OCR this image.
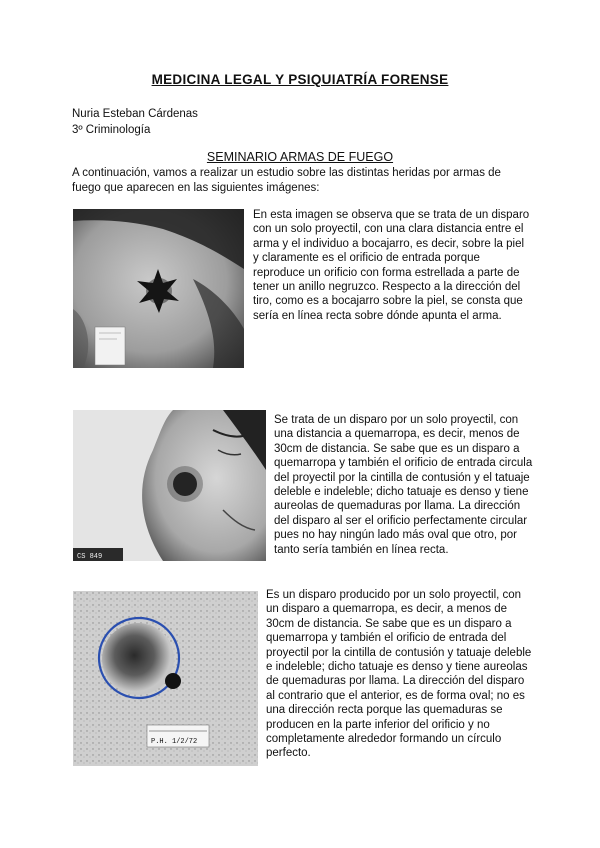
MEDICINA LEGAL Y PSIQUIATRÍA FORENSE
Nuria Esteban Cárdenas
3º Criminología
SEMINARIO ARMAS DE FUEGO
A continuación, vamos a realizar un estudio sobre las distintas heridas por armas de fuego que aparecen en las siguientes imágenes:
En esta imagen se observa que se trata de un disparo con un solo proyectil, con una clara distancia entre el arma y el individuo a bocajarro, es decir, sobre la piel y claramente es el orificio de entrada porque reproduce un orificio con forma estrellada a parte de tener un anillo negruzco. Respecto a la dirección del tiro, como es a bocajarro sobre la piel, se consta que sería en línea recta sobre dónde apunta el arma.
CS 849
Se trata de un disparo por un solo proyectil, con una distancia a quemarropa, es decir, menos de 30cm de distancia. Se sabe que es un disparo a quemarropa y también el orificio de entrada circula del proyectil por la cintilla de contusión y el tatuaje deleble e indeleble; dicho tatuaje es denso y tiene aureolas de quemaduras por llama. La dirección del disparo al ser el orificio perfectamente circular pues no hay ningún lado más oval que otro, por tanto sería también en línea recta.
P.H. 1/2/72
Es un disparo producido por un solo proyectil, con un disparo a quemarropa, es decir, a menos de 30cm de distancia. Se sabe que es un disparo a quemarropa y también el orificio de entrada del proyectil por la cintilla de contusión y tatuaje deleble e indeleble; dicho tatuaje es denso y tiene aureolas de quemaduras por llama. La dirección del disparo al contrario que el anterior, es de forma oval; no es una dirección recta porque las quemaduras se producen en la parte inferior del orificio y no completamente alrededor formando un círculo perfecto.
